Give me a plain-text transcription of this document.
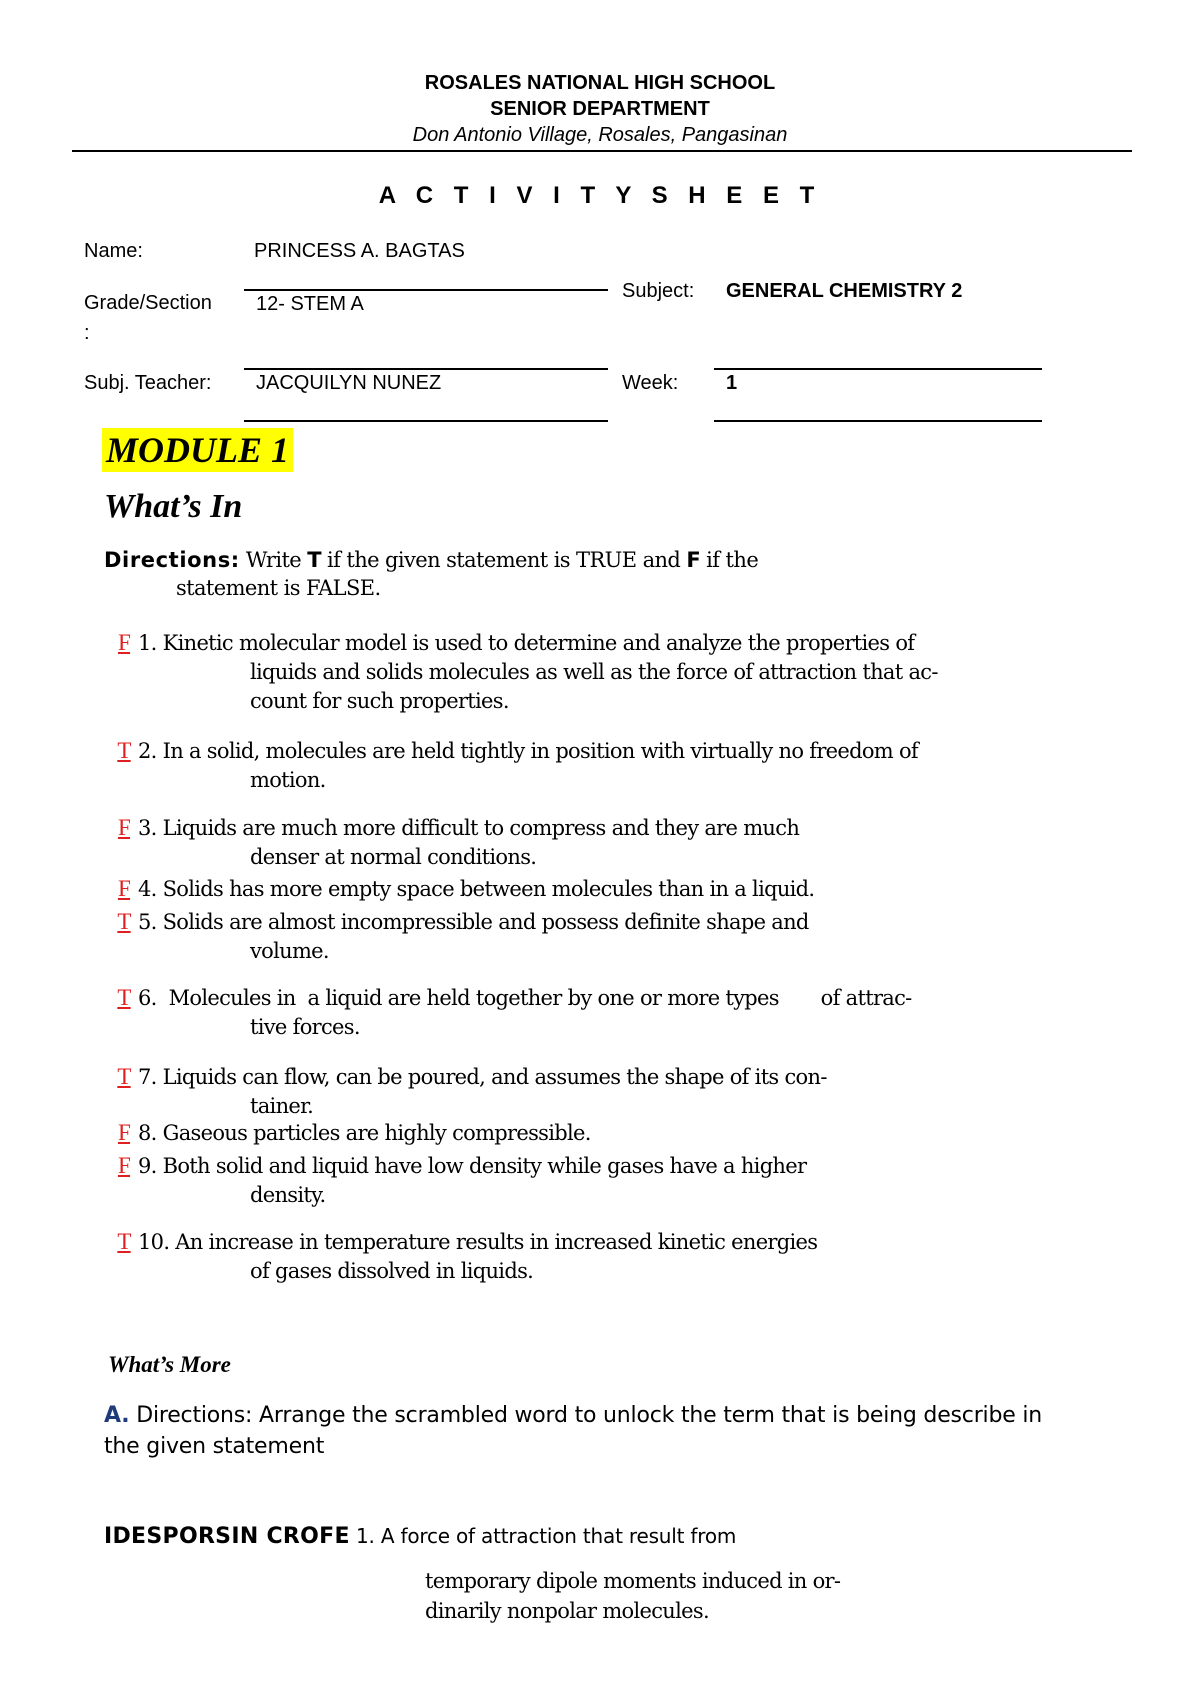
ROSALES NATIONAL HIGH SCHOOL
SENIOR DEPARTMENT
Don Antonio Village, Rosales, Pangasinan
A C T I V I T Y S H E E T
Name:	PRINCESS A. BAGTAS
Grade/Section
:
12- STEM A
Subject: GENERAL CHEMISTRY 2
Subj. Teacher: JACQUILYN NUNEZ	Week: 1
MODULE 1
What’s In
Directions: Write T if the given statement is TRUE and F if the
statement is FALSE.
F 1. Kinetic molecular model is used to determine and analyze the properties of
liquids and solids molecules as well as the force of attraction that ac-
count for such properties.
T 2. In a solid, molecules are held tightly in position with virtually no freedom of
motion.
F 3. Liquids are much more difficult to compress and they are much
denser at normal conditions.
F 4. Solids has more empty space between molecules than in a liquid.
T 5. Solids are almost incompressible and possess definite shape and
volume.
T 6.  Molecules in  a liquid are held together by one or more types       of attrac-
tive forces.
T 7. Liquids can flow, can be poured, and assumes the shape of its con-
tainer.
F 8. Gaseous particles are highly compressible.
F 9. Both solid and liquid have low density while gases have a higher
density.
T 10. An increase in temperature results in increased kinetic energies
of gases dissolved in liquids.
What’s More
A. Directions: Arrange the scrambled word to unlock the term that is being describe in the given statement
IDESPORSIN CROFE 1. A force of attraction that result from
temporary dipole moments induced in or-
dinarily nonpolar molecules.
